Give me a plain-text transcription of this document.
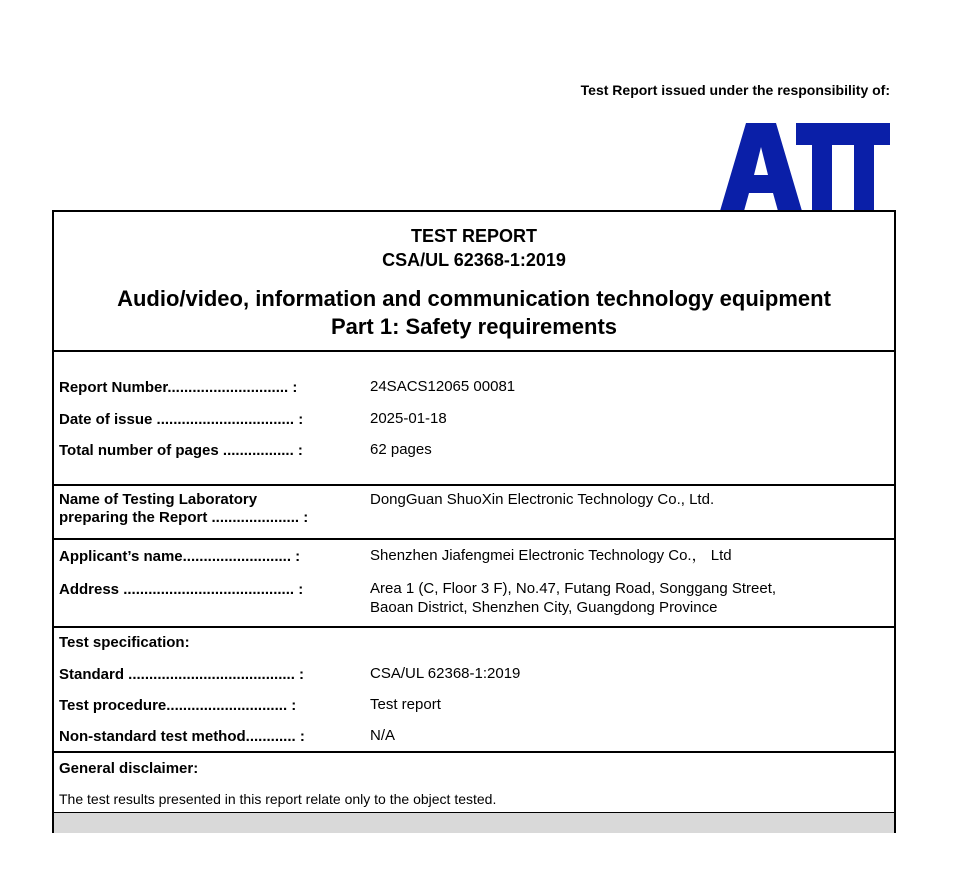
Test Report issued under the responsibility of:
TEST REPORT
CSA/UL 62368-1:2019
Audio/video, information and communication technology equipment
Part 1: Safety requirements
Report Number............................. :	24SACS12065 00081
Date of issue ................................. :	2025-01-18
Total number of pages ................. :	62 pages
Name of Testing Laboratory
preparing the Report ..................... :
DongGuan ShuoXin Electronic Technology Co., Ltd.
Applicant’s name.......................... :	Shenzhen Jiafengmei Electronic Technology Co.， Ltd
Address ......................................... :	Area 1 (C, Floor 3 F), No.47, Futang Road, Songgang Street,
Baoan District, Shenzhen City, Guangdong Province
Test specification:
Standard ........................................ :	CSA/UL 62368-1:2019
Test procedure............................. :	Test report
Non-standard test method............ :	N/A
General disclaimer:
The test results presented in this report relate only to the object tested.
